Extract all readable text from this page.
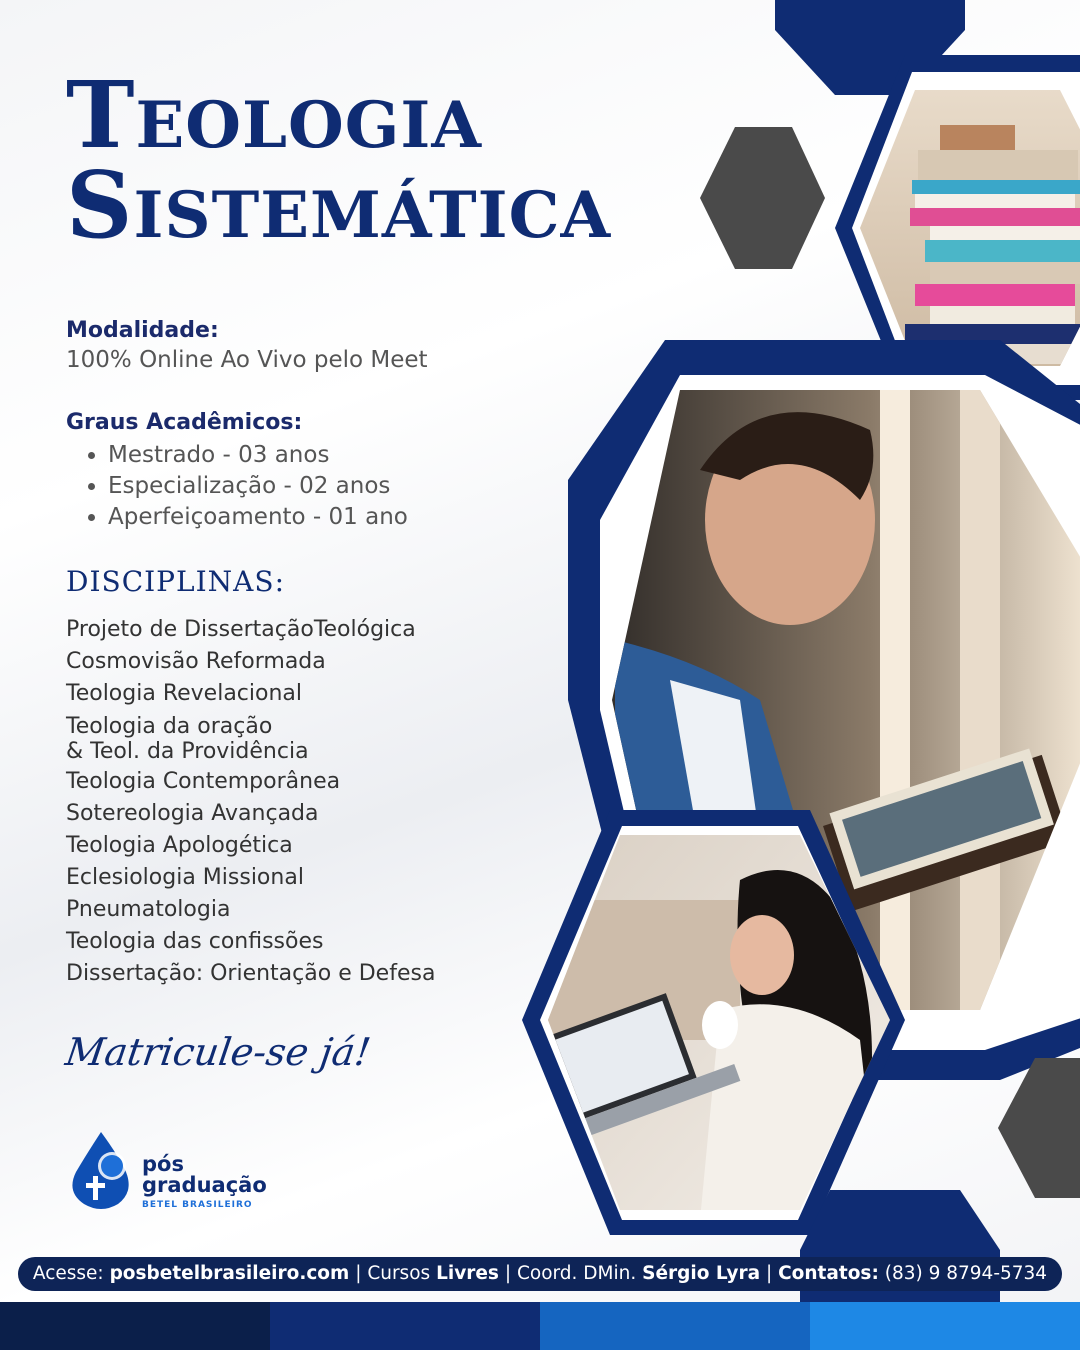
Teologia
Sistemática
Modalidade:
100% Online Ao Vivo pelo Meet
Graus Acadêmicos:
• Mestrado - 03 anos
• Especialização - 02 anos
• Aperfeiçoamento - 01 ano
DISCIPLINAS:
Projeto de DissertaçãoTeológica
Cosmovisão Reformada
Teologia Revelacional
Teologia da oração
& Teol. da Providência
Teologia Contemporânea
Sotereologia Avançada
Teologia Apologética
Eclesiologia Missional
Pneumatologia
Teologia das confissões
Dissertação: Orientação e Defesa
Matricule-se já!
pós
graduação
BETEL BRASILEIRO
Acesse: posbetelbrasileiro.com | Cursos Livres | Coord. DMin. Sérgio Lyra | Contatos: (83) 9 8794-5734
